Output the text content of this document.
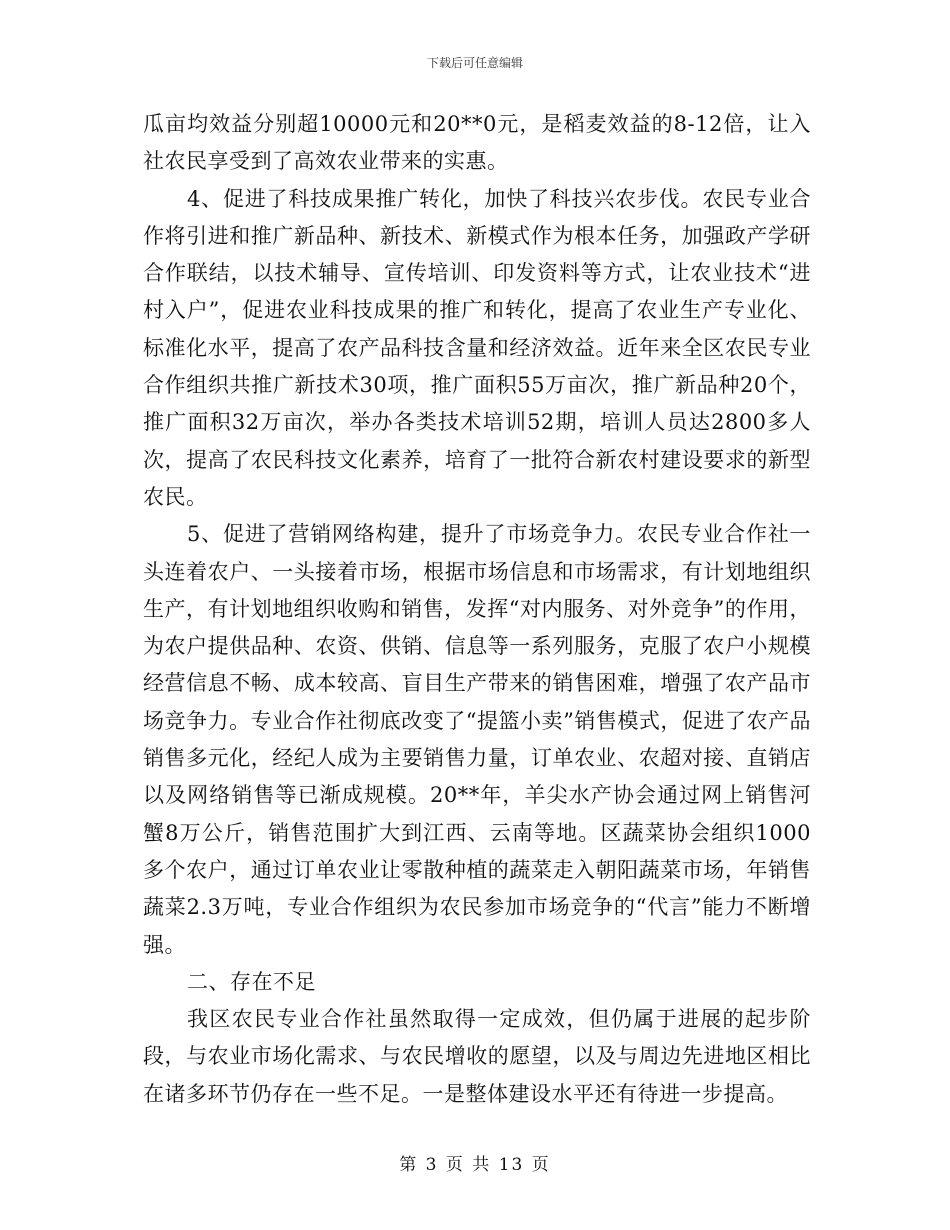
下载后可任意编辑

瓜亩均效益分别超10000元和20**0元，是稻麦效益的8-12倍，让入社农民享受到了高效农业带来的实惠。

4、促进了科技成果推广转化，加快了科技兴农步伐。农民专业合作将引进和推广新品种、新技术、新模式作为根本任务，加强政产学研合作联结，以技术辅导、宣传培训、印发资料等方式，让农业技术“进村入户”，促进农业科技成果的推广和转化，提高了农业生产专业化、标准化水平，提高了农产品科技含量和经济效益。近年来全区农民专业合作组织共推广新技术30项，推广面积55万亩次，推广新品种20个，推广面积32万亩次，举办各类技术培训52期，培训人员达2800多人次，提高了农民科技文化素养，培育了一批符合新农村建设要求的新型农民。

5、促进了营销网络构建，提升了市场竞争力。农民专业合作社一头连着农户、一头接着市场，根据市场信息和市场需求，有计划地组织生产，有计划地组织收购和销售，发挥“对内服务、对外竞争”的作用，为农户提供品种、农资、供销、信息等一系列服务，克服了农户小规模经营信息不畅、成本较高、盲目生产带来的销售困难，增强了农产品市场竞争力。专业合作社彻底改变了“提篮小卖”销售模式，促进了农产品销售多元化，经纪人成为主要销售力量，订单农业、农超对接、直销店以及网络销售等已渐成规模。20**年，羊尖水产协会通过网上销售河蟹8万公斤，销售范围扩大到江西、云南等地。区蔬菜协会组织1000多个农户，通过订单农业让零散种植的蔬菜走入朝阳蔬菜市场，年销售蔬菜2.3万吨，专业合作组织为农民参加市场竞争的“代言”能力不断增强。

二、存在不足

我区农民专业合作社虽然取得一定成效，但仍属于进展的起步阶段，与农业市场化需求、与农民增收的愿望，以及与周边先进地区相比在诸多环节仍存在一些不足。一是整体建设水平还有待进一步提高。

第 3 页 共 13 页
